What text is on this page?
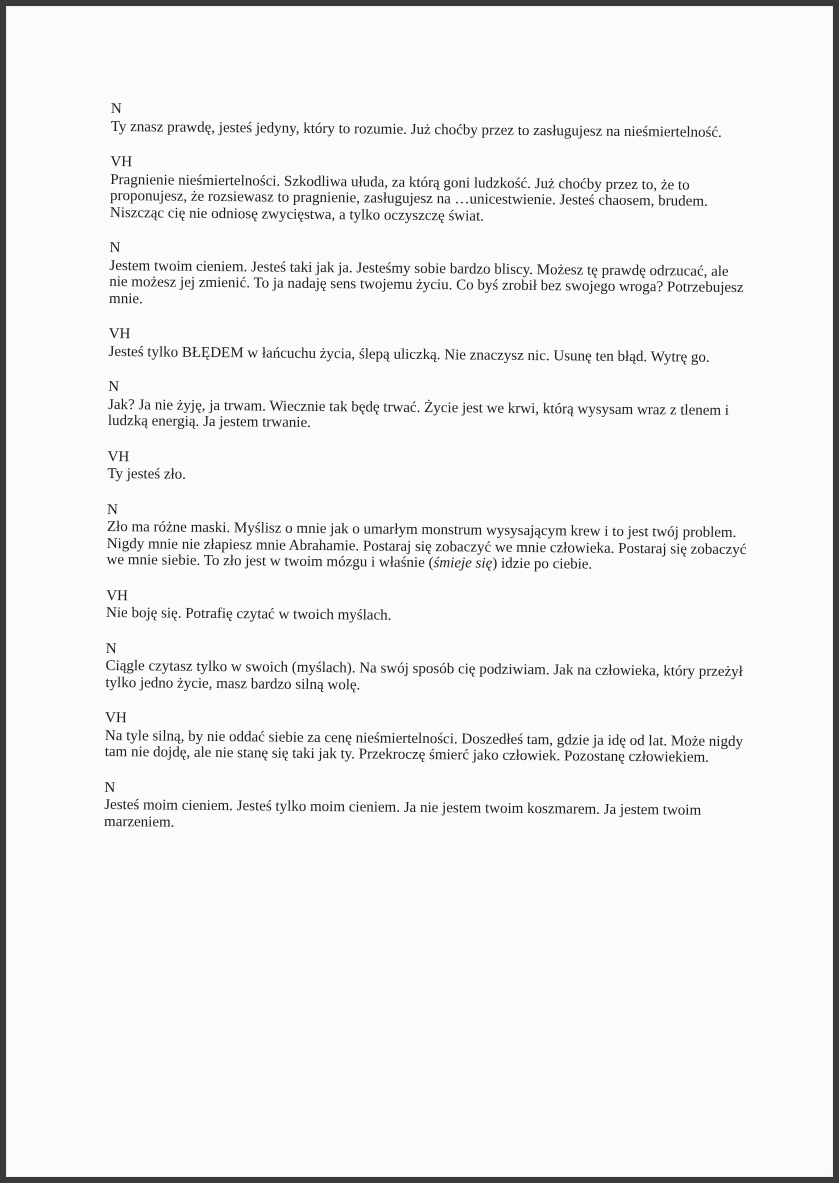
N

Ty znasz prawdę, jesteś jedyny, który to rozumie. Już choćby przez to zasługujesz na nieśmiertelność.

VH

Pragnienie nieśmiertelności. Szkodliwa ułuda, za którą goni ludzkość. Już choćby przez to, że to proponujesz, że rozsiewasz to pragnienie, zasługujesz na …unicestwienie. Jesteś chaosem, brudem. Niszcząc cię nie odniosę zwycięstwa, a tylko oczyszczę świat.

N

Jestem twoim cieniem. Jesteś taki jak ja. Jesteśmy sobie bardzo bliscy. Możesz tę prawdę odrzucać, ale nie możesz jej zmienić. To ja nadaję sens twojemu życiu. Co byś zrobił bez swojego wroga? Potrzebujesz mnie.

VH

Jesteś tylko BŁĘDEM w łańcuchu życia, ślepą uliczką. Nie znaczysz nic. Usunę ten błąd. Wytrę go.

N

Jak? Ja nie żyję, ja trwam. Wiecznie tak będę trwać. Życie jest we krwi, którą wysysam wraz z tlenem i ludzką energią. Ja jestem trwanie.

VH

Ty jesteś zło.

N

Zło ma różne maski. Myślisz o mnie jak o umarłym monstrum wysysającym krew i to jest twój problem. Nigdy mnie nie złapiesz mnie Abrahamie. Postaraj się zobaczyć we mnie człowieka. Postaraj się zobaczyć we mnie siebie. To zło jest w twoim mózgu i właśnie (śmieje się) idzie po ciebie.

VH

Nie boję się. Potrafię czytać w twoich myślach.

N

Ciągle czytasz tylko w swoich (myślach). Na swój sposób cię podziwiam. Jak na człowieka, który przeżył tylko jedno życie, masz bardzo silną wolę.

VH

Na tyle silną, by nie oddać siebie za cenę nieśmiertelności. Doszedłeś tam, gdzie ja idę od lat. Może nigdy tam nie dojdę, ale nie stanę się taki jak ty. Przekroczę śmierć jako człowiek. Pozostanę człowiekiem.

N

Jesteś moim cieniem. Jesteś tylko moim cieniem. Ja nie jestem twoim koszmarem. Ja jestem twoim marzeniem.
